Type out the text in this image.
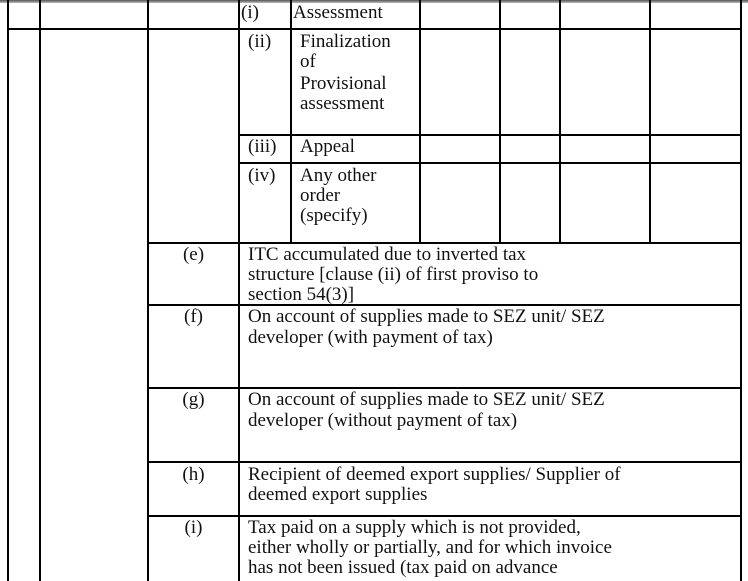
(i) Assessment
(ii) Finalization
of
Provisional
assessment
(iii) Appeal
(iv) Any other
order
(specify)
(e)	ITC accumulated due to inverted tax
structure [clause (ii) of first proviso to
section 54(3)]
(f)	On account of supplies made to SEZ unit/ SEZ
developer (with payment of tax)
(g)	On account of supplies made to SEZ unit/ SEZ
developer (without payment of tax)
(h)	Recipient of deemed export supplies/ Supplier of
deemed export supplies
(i)	Tax paid on a supply which is not provided,
either wholly or partially, and for which invoice
has not been issued (tax paid on advance
